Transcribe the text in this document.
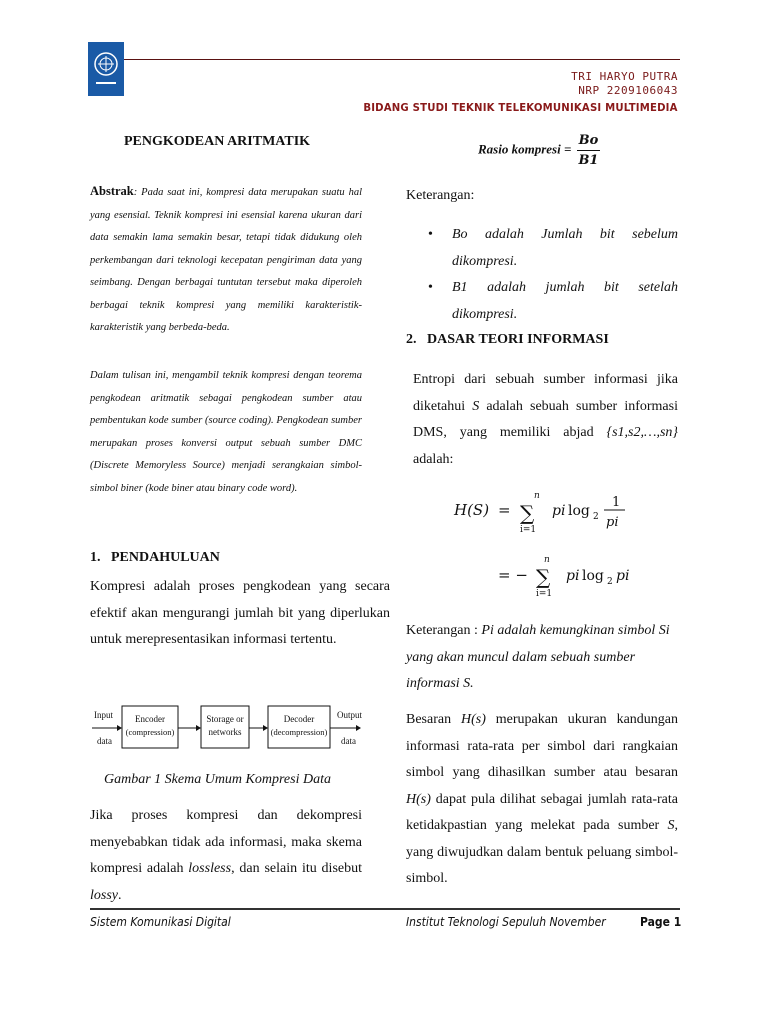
TRI HARYO PUTRA
NRP 2209106043
BIDANG STUDI TEKNIK TELEKOMUNIKASI MULTIMEDIA
PENGKODEAN ARITMATIK
Abstrak: Pada saat ini, kompresi data merupakan suatu hal yang esensial. Teknik kompresi ini esensial karena ukuran dari data semakin lama semakin besar, tetapi tidak didukung oleh perkembangan dari teknologi kecepatan pengiriman data yang seimbang. Dengan berbagai tuntutan tersebut maka diperoleh berbagai teknik kompresi yang memiliki karakteristik-karakteristik yang berbeda-beda.
Dalam tulisan ini, mengambil teknik kompresi dengan teorema pengkodean aritmatik sebagai pengkodean sumber atau pembentukan kode sumber (source coding). Pengkodean sumber merupakan proses konversi output sebuah sumber DMC (Discrete Memoryless Source) menjadi serangkaian simbol-simbol biner (kode biner atau binary code word).
1.   PENDAHULUAN
Kompresi adalah proses pengkodean yang secara efektif akan mengurangi jumlah bit yang diperlukan untuk merepresentasikan informasi tertentu.
Input
data
Encoder
(compression)
Storage or
networks
Decoder
(decompression)
Output
data
Gambar 1 Skema Umum Kompresi Data
Jika proses kompresi dan dekompresi menyebabkan tidak ada informasi, maka skema kompresi adalah lossless, dan selain itu disebut lossy.
Rasio kompresi = $\frac{Bo}{B1}$
Keterangan:
• Bo adalah Jumlah bit sebelum dikompresi.
• B1 adalah jumlah bit setelah dikompresi.
2.   DASAR TEORI INFORMASI
Entropi dari sebuah sumber informasi jika diketahui S adalah sebuah sumber informasi DMS, yang memiliki abjad {s1,s2,…,sn} adalah:
H(S) =
n
∑
i=1
pi log 2
1
pi
= −
n
∑
i=1
pi log 2 pi
Keterangan : Pi adalah kemungkinan simbol Si yang akan muncul dalam sebuah sumber informasi S.
Besaran H(s) merupakan ukuran kandungan informasi rata-rata per simbol dari rangkaian simbol yang dihasilkan sumber atau besaran H(s) dapat pula dilihat sebagai jumlah rata-rata ketidakpastian yang melekat pada sumber S, yang diwujudkan dalam bentuk peluang simbol-simbol.
Sistem Komunikasi Digital	Institut Teknologi Sepuluh November	Page 1
